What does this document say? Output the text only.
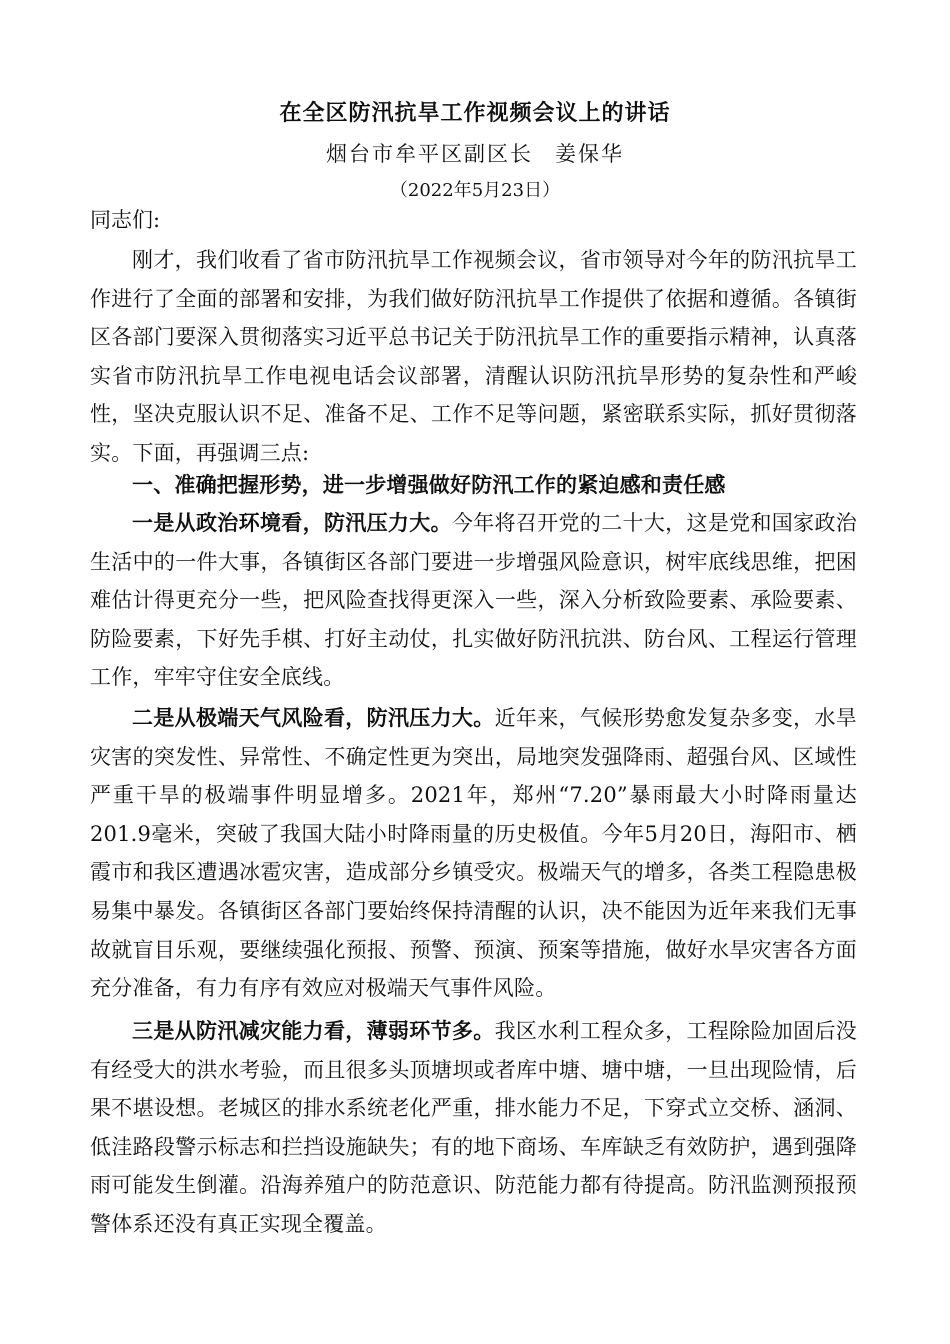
在全区防汛抗旱工作视频会议上的讲话

烟台市牟平区副区长 姜保华

（2022年5月23日）

同志们:

刚才，我们收看了省市防汛抗旱工作视频会议，省市领导对今年的防汛抗旱工作进行了全面的部署和安排，为我们做好防汛抗旱工作提供了依据和遵循。各镇街区各部门要深入贯彻落实习近平总书记关于防汛抗旱工作的重要指示精神，认真落实省市防汛抗旱工作电视电话会议部署，清醒认识防汛抗旱形势的复杂性和严峻性，坚决克服认识不足、准备不足、工作不足等问题，紧密联系实际，抓好贯彻落实。下面，再强调三点:

一、准确把握形势，进一步增强做好防汛工作的紧迫感和责任感

一是从政治环境看，防汛压力大。今年将召开党的二十大，这是党和国家政治生活中的一件大事，各镇街区各部门要进一步增强风险意识，树牢底线思维，把困难估计得更充分一些，把风险查找得更深入一些，深入分析致险要素、承险要素、防险要素，下好先手棋、打好主动仗，扎实做好防汛抗洪、防台风、工程运行管理工作，牢牢守住安全底线。

二是从极端天气风险看，防汛压力大。近年来，气候形势愈发复杂多变，水旱灾害的突发性、异常性、不确定性更为突出，局地突发强降雨、超强台风、区域性严重干旱的极端事件明显增多。2021年，郑州“7.20”暴雨最大小时降雨量达201.9毫米，突破了我国大陆小时降雨量的历史极值。今年5月20日，海阳市、栖霞市和我区遭遇冰雹灾害，造成部分乡镇受灾。极端天气的增多，各类工程隐患极易集中暴发。各镇街区各部门要始终保持清醒的认识，决不能因为近年来我们无事故就盲目乐观，要继续强化预报、预警、预演、预案等措施，做好水旱灾害各方面充分准备，有力有序有效应对极端天气事件风险。

三是从防汛减灾能力看，薄弱环节多。我区水利工程众多，工程除险加固后没有经受大的洪水考验，而且很多头顶塘坝或者库中塘、塘中塘，一旦出现险情，后果不堪设想。老城区的排水系统老化严重，排水能力不足，下穿式立交桥、涵洞、低洼路段警示标志和拦挡设施缺失；有的地下商场、车库缺乏有效防护，遇到强降雨可能发生倒灌。沿海养殖户的防范意识、防范能力都有待提高。防汛监测预报预警体系还没有真正实现全覆盖。
